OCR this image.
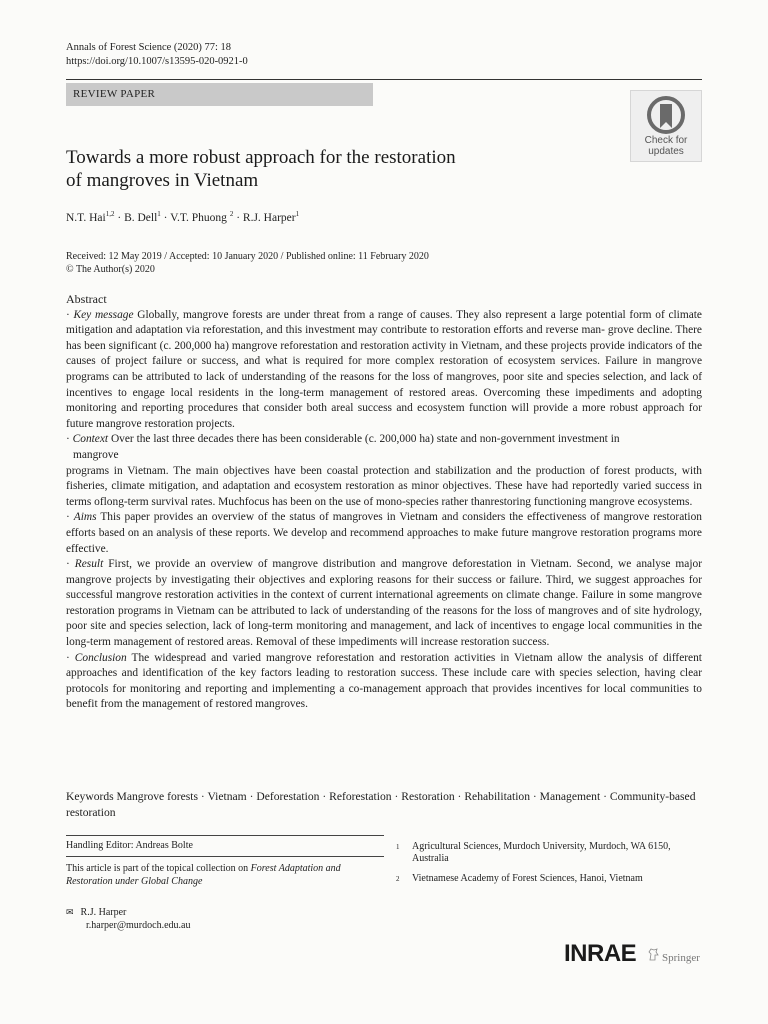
Annals of Forest Science (2020) 77: 18
https://doi.org/10.1007/s13595-020-0921-0
REVIEW PAPER
Check for
updates
Towards a more robust approach for the restoration
of mangroves in Vietnam
N.T. Hai$^{1,2}$ · B. Dell$^1$ · V.T. Phuong $^2$ · R.J. Harper$^1$
Received: 12 May 2019 / Accepted: 10 January 2020 / Published online: 11 February 2020
© The Author(s) 2020
Abstract

· Key message Globally, mangrove forests are under threat from a range of causes. They also represent a large potential form of climate mitigation and adaptation via reforestation, and this investment may contribute to restoration efforts and reverse man- grove decline. There has been significant (c. 200,000 ha) mangrove reforestation and restoration activity in Vietnam, and these projects provide indicators of the causes of project failure or success, and what is required for more complex restoration of ecosystem services. Failure in mangrove programs can be attributed to lack of understanding of the reasons for the loss of mangroves, poor site and species selection, and lack of incentives to engage local residents in the long-term management of restored areas. Overcoming these impediments and adopting monitoring and reporting procedures that consider both areal success and ecosystem function will provide a more robust approach for future mangrove restoration projects.

· Context Over the last three decades there has been considerable (c. 200,000 ha) state and non-government investment in

mangrove

programs in Vietnam. The main objectives have been coastal protection and stabilization and the production of forest products, with fisheries, climate mitigation, and adaptation and ecosystem restoration as minor objectives. These have had reportedly varied success in terms oflong-term survival rates. Muchfocus has been on the use of mono-species rather thanrestoring functioning mangrove ecosystems.

· Aims This paper provides an overview of the status of mangroves in Vietnam and considers the effectiveness of mangrove restoration efforts based on an analysis of these reports. We develop and recommend approaches to make future mangrove restoration programs more effective.

· Result First, we provide an overview of mangrove distribution and mangrove deforestation in Vietnam. Second, we analyse major mangrove projects by investigating their objectives and exploring reasons for their success or failure. Third, we suggest approaches for successful mangrove restoration activities in the context of current international agreements on climate change. Failure in some mangrove restoration programs in Vietnam can be attributed to lack of understanding of the reasons for the loss of mangroves and of site hydrology, poor site and species selection, lack of long-term monitoring and management, and lack of incentives to engage local communities in the long-term management of restored areas. Removal of these impediments will increase restoration success.

· Conclusion The widespread and varied mangrove reforestation and restoration activities in Vietnam allow the analysis of different approaches and identification of the key factors leading to restoration success. These include care with species selection, having clear protocols for monitoring and reporting and implementing a co-management approach that provides incentives for local communities to benefit from the management of restored mangroves.

Keywords Mangrove forests · Vietnam · Deforestation · Reforestation · Restoration · Rehabilitation · Management · Community-based restoration
Handling Editor: Andreas Bolte
This article is part of the topical collection on Forest Adaptation and Restoration under Global Change
1 Agricultural Sciences, Murdoch University, Murdoch, WA 6150, Australia
2 Vietnamese Academy of Forest Sciences, Hanoi, Vietnam
✉ R.J. Harper
r.harper@murdoch.edu.au
INRAE	Springer
